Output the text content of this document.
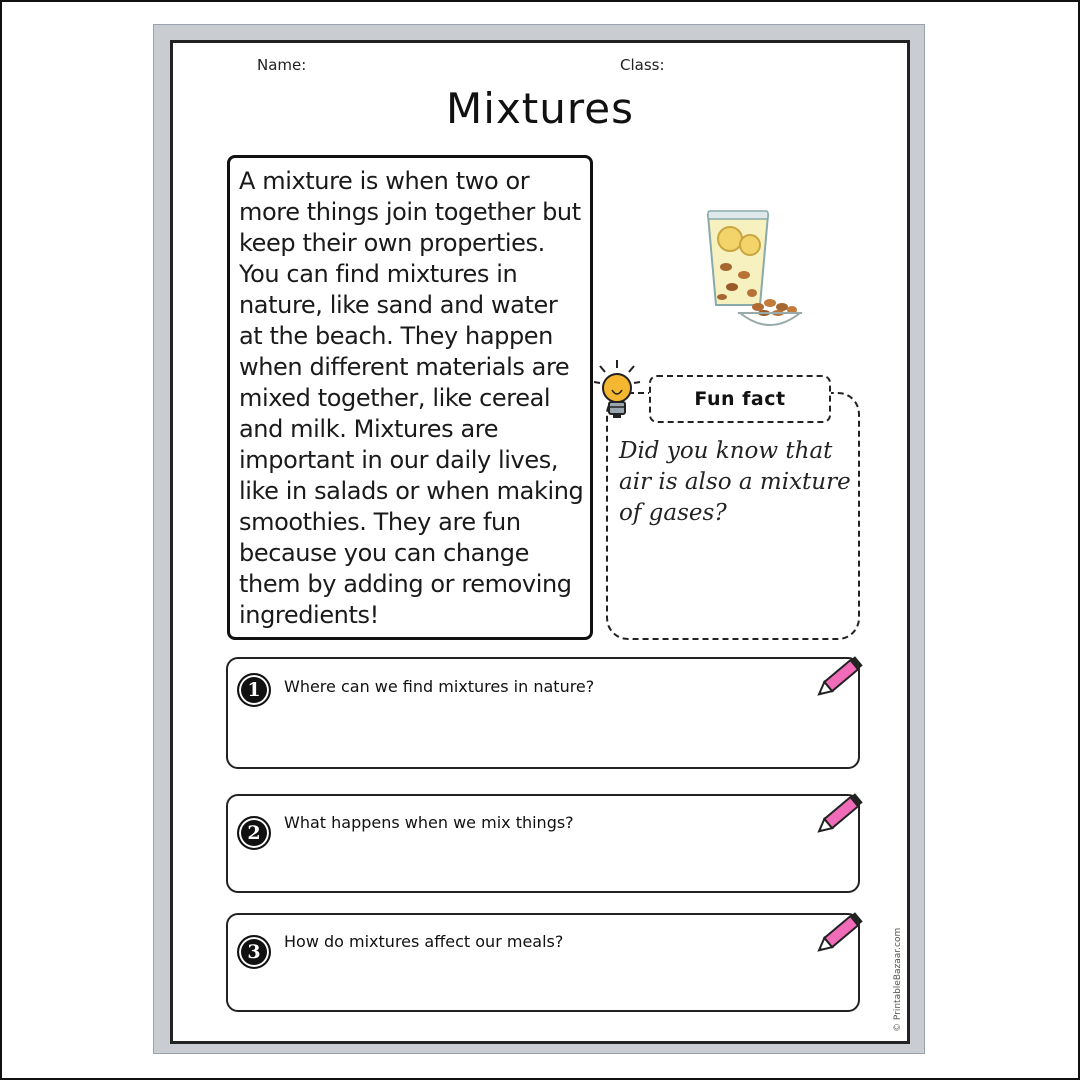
Name:	Class:
Mixtures
A mixture is when two or more things join together but keep their own properties. You can find mixtures in nature, like sand and water at the beach. They happen when different materials are mixed together, like cereal and milk. Mixtures are important in our daily lives, like in salads or when making smoothies. They are fun because you can change them by adding or removing ingredients!
Fun fact
Did you know that air is also a mixture of gases?
1	Where can we find mixtures in nature?
2	What happens when we mix things?
3	How do mixtures affect our meals?	© PrintableBazaar.com
